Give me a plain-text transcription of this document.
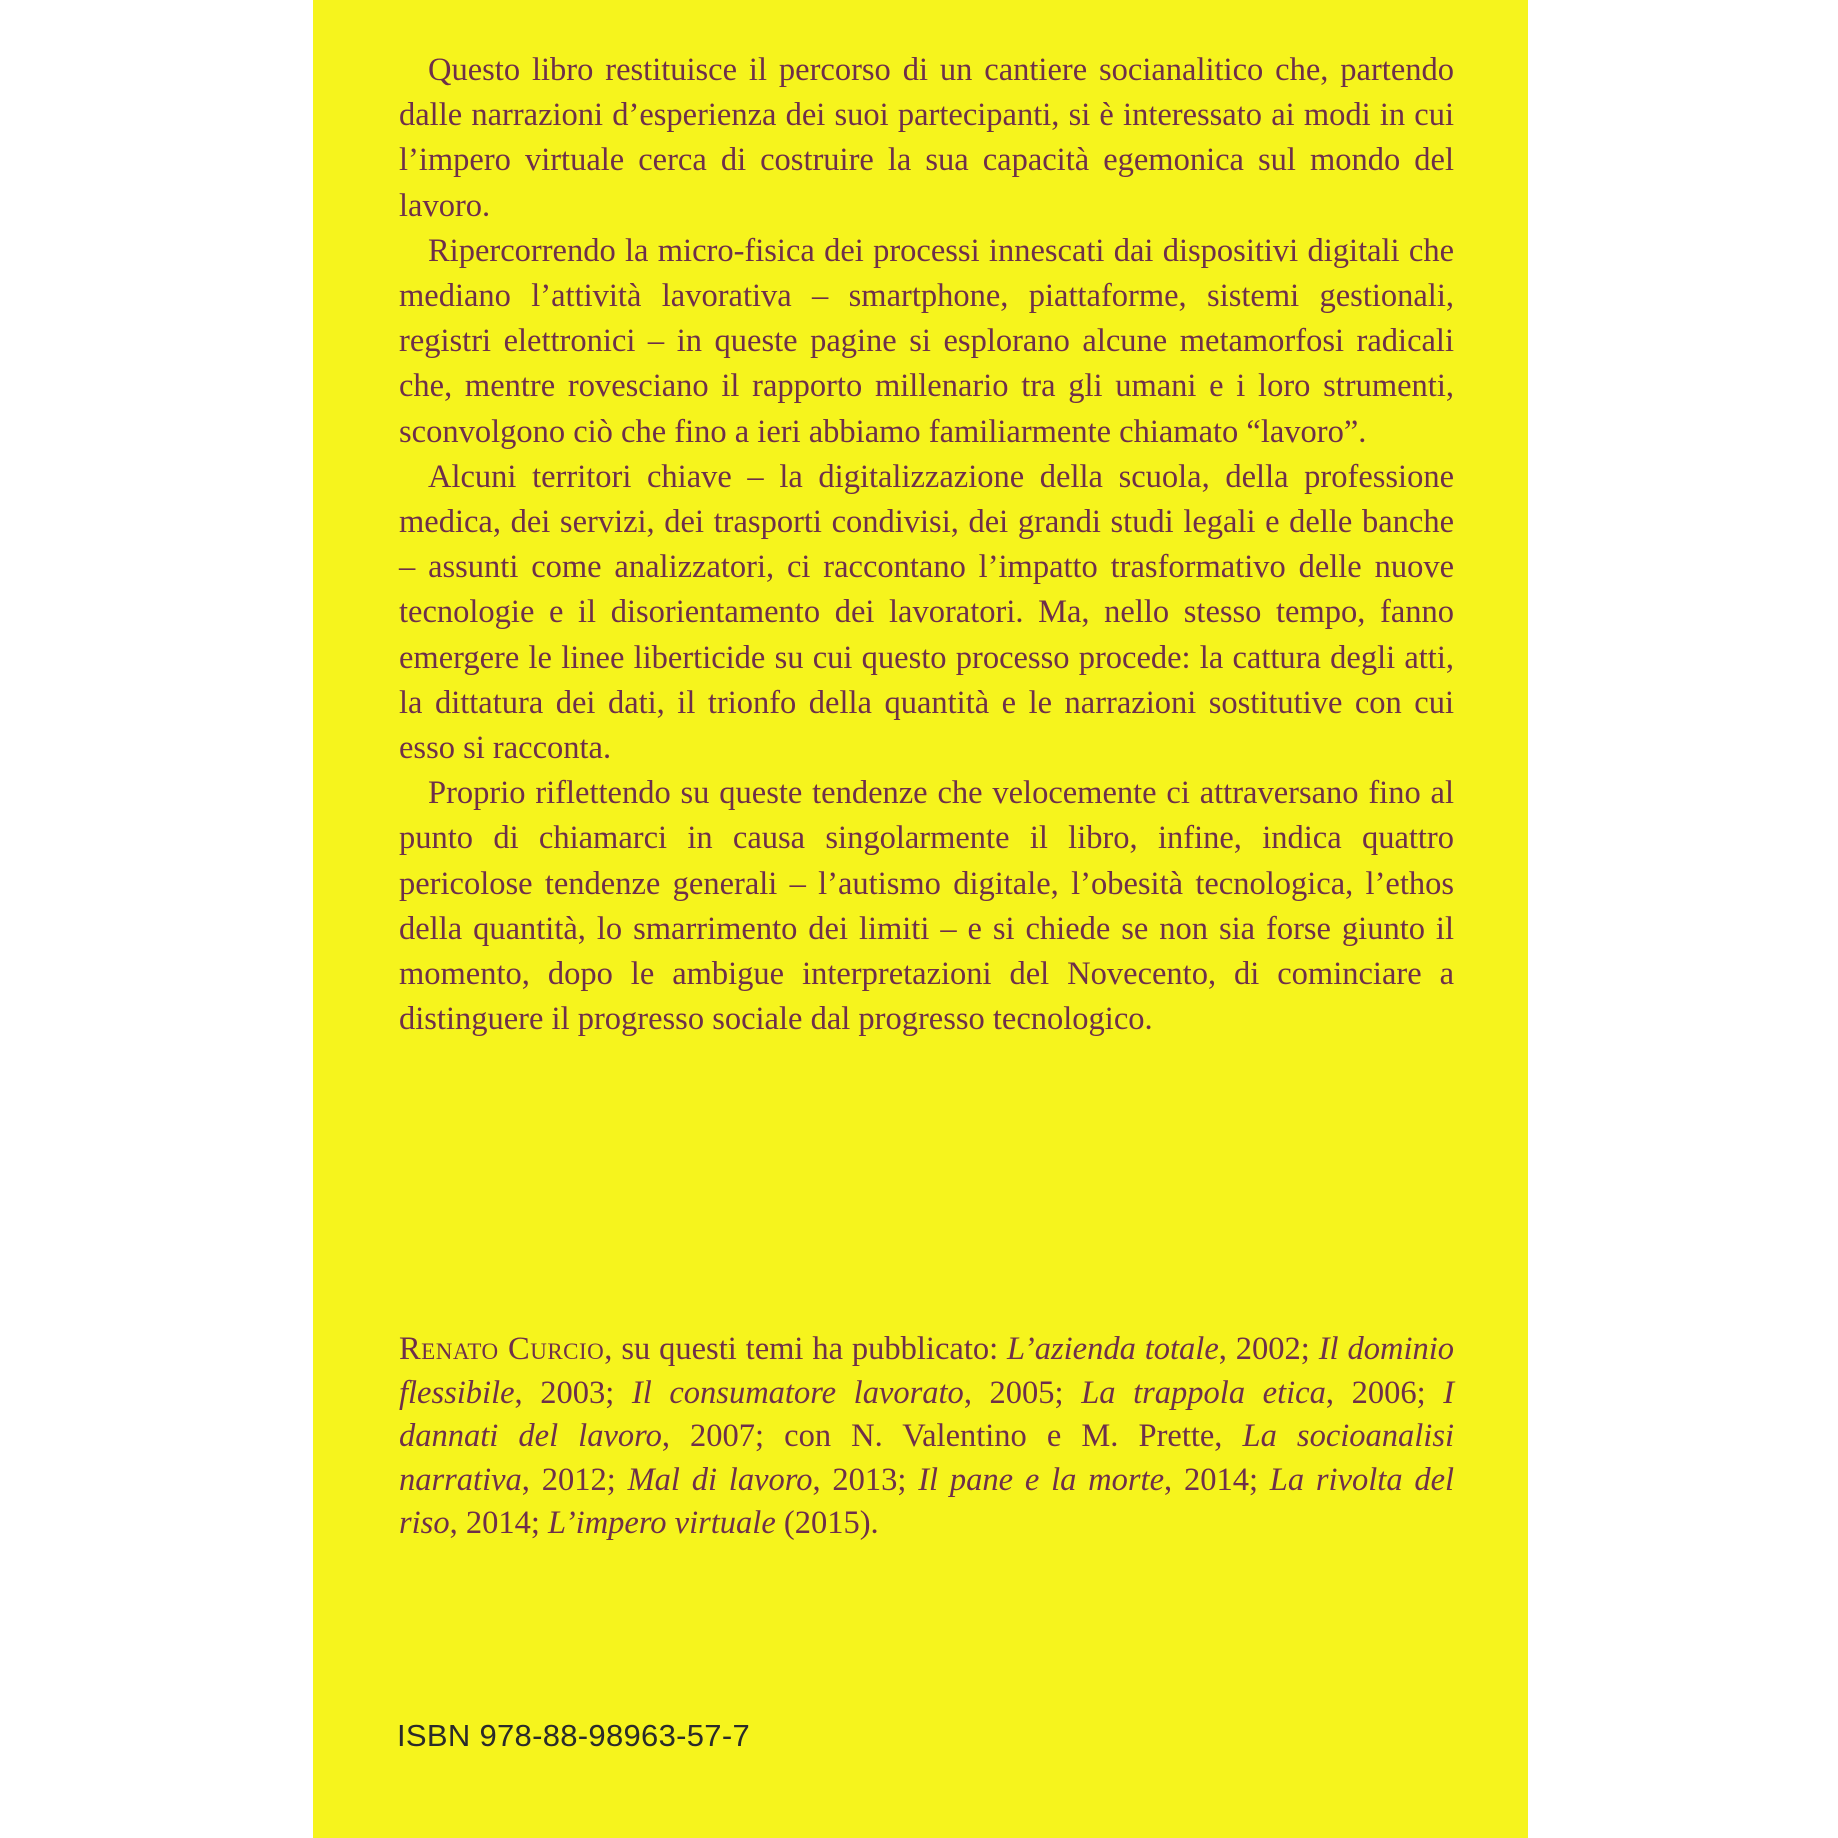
Questo libro restituisce il percorso di un cantiere socianalitico che, partendo dalle narrazioni d’esperienza dei suoi partecipanti, si è interessato ai modi in cui l’impero virtuale cerca di costruire la sua capacità egemonica sul mondo del lavoro.

Ripercorrendo la micro-fisica dei processi innescati dai dispositivi digitali che mediano l’attività lavorativa – smartphone, piattaforme, sistemi gestionali, registri elettronici – in queste pagine si esplorano alcune metamorfosi radicali che, mentre rovesciano il rapporto millenario tra gli umani e i loro strumenti, sconvolgono ciò che fino a ieri abbiamo familiarmente chiamato “lavoro”.

Alcuni territori chiave – la digitalizzazione della scuola, della professione medica, dei servizi, dei trasporti condivisi, dei grandi studi legali e delle banche – assunti come analizzatori, ci raccontano l’impatto trasformativo delle nuove tecnologie e il disorientamento dei lavoratori. Ma, nello stesso tempo, fanno emergere le linee liberticide su cui questo processo procede: la cattura degli atti, la dittatura dei dati, il trionfo della quantità e le narrazioni sostitutive con cui esso si racconta.

Proprio riflettendo su queste tendenze che velocemente ci attraversano fino al punto di chiamarci in causa singolarmente il libro, infine, indica quattro pericolose tendenze generali – l’autismo digitale, l’obesità tecnologica, l’ethos della quantità, lo smarrimento dei limiti – e si chiede se non sia forse giunto il momento, dopo le ambigue interpretazioni del Novecento, di cominciare a distinguere il progresso sociale dal progresso tecnologico.

Renato Curcio, su questi temi ha pubblicato: L’azienda totale, 2002; Il dominio flessibile, 2003; Il consumatore lavorato, 2005; La trappola etica, 2006; I dannati del lavoro, 2007; con N. Valentino e M. Prette, La socioanalisi narrativa, 2012; Mal di lavoro, 2013; Il pane e la morte, 2014; La rivolta del riso, 2014; L’impero virtuale (2015).
ISBN 978-88-98963-57-7
